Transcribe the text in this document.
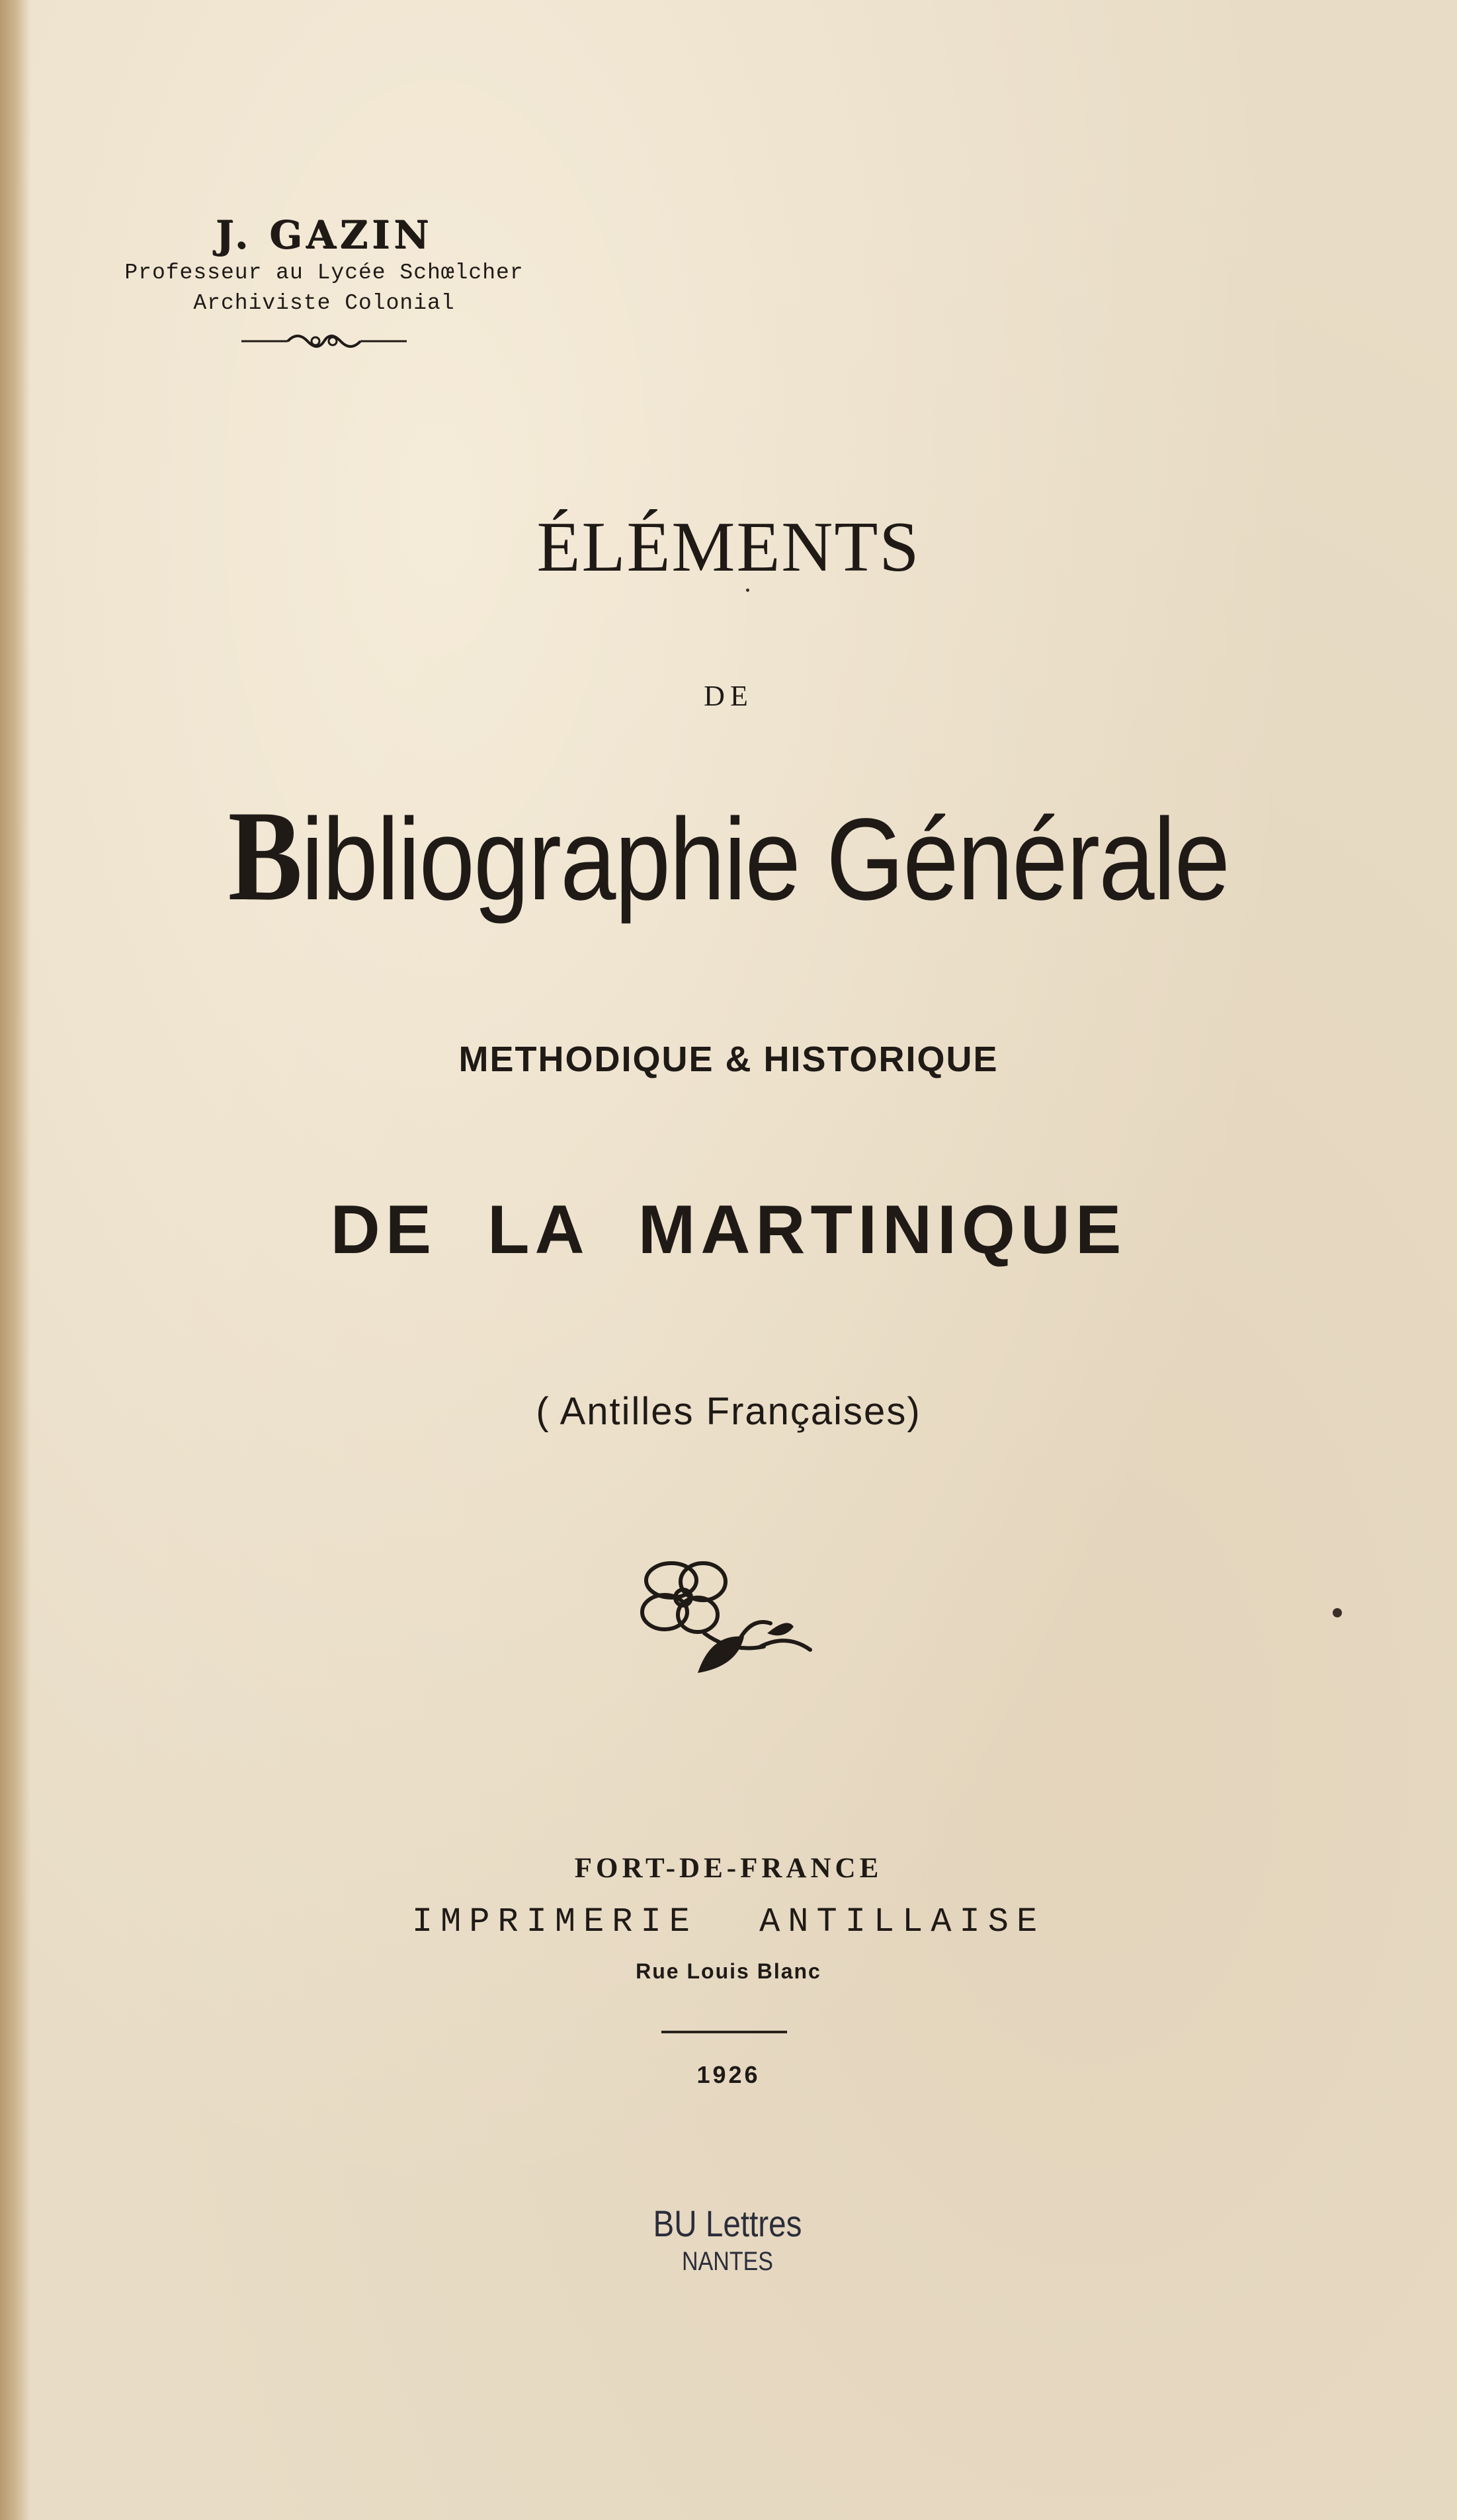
J. GAZIN
Professeur au Lycée Schœlcher
Archiviste Colonial
ÉLÉMENTS
DE
Bibliographie Générale
METHODIQUE & HISTORIQUE
DE LA MARTINIQUE
( Antilles Françaises)
FORT-DE-FRANCE
IMPRIMERIE ANTILLAISE
Rue Louis Blanc
1926
BU Lettres
NANTES
